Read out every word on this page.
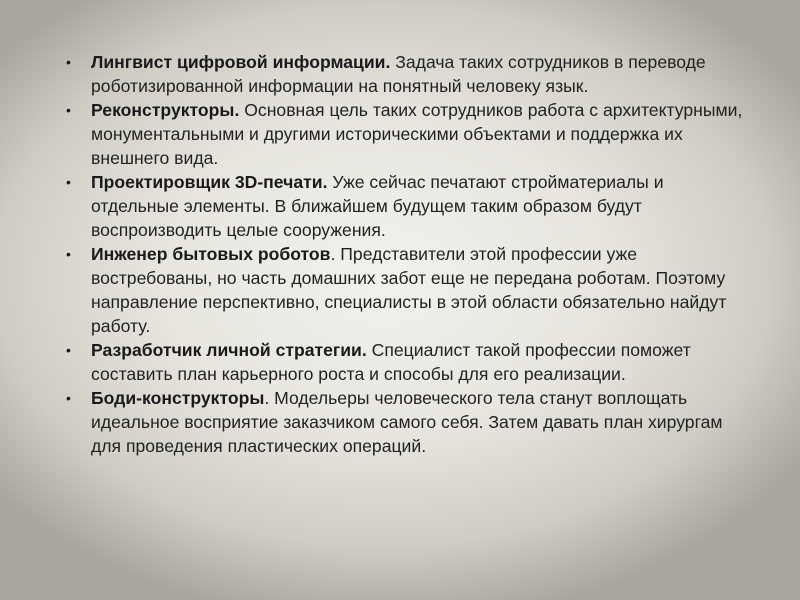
•	Лингвист цифровой информации. Задача таких сотрудников в переводе роботизированной информации на понятный человеку язык.
•	Реконструкторы. Основная цель таких сотрудников работа с архитектурными, монументальными и другими историческими объектами и поддержка их внешнего вида.
•	Проектировщик 3D-печати. Уже сейчас печатают стройматериалы и отдельные элементы. В ближайшем будущем таким образом будут воспроизводить целые сооружения.
•	Инженер бытовых роботов. Представители этой профессии уже востребованы, но часть домашних забот еще не передана роботам. Поэтому направление перспективно, специалисты в этой области обязательно найдут работу.
•	Разработчик личной стратегии. Специалист такой профессии поможет составить план карьерного роста и способы для его реализации.
•	Боди-конструкторы. Модельеры человеческого тела станут воплощать идеальное восприятие заказчиком самого себя. Затем давать план хирургам для проведения пластических операций.
